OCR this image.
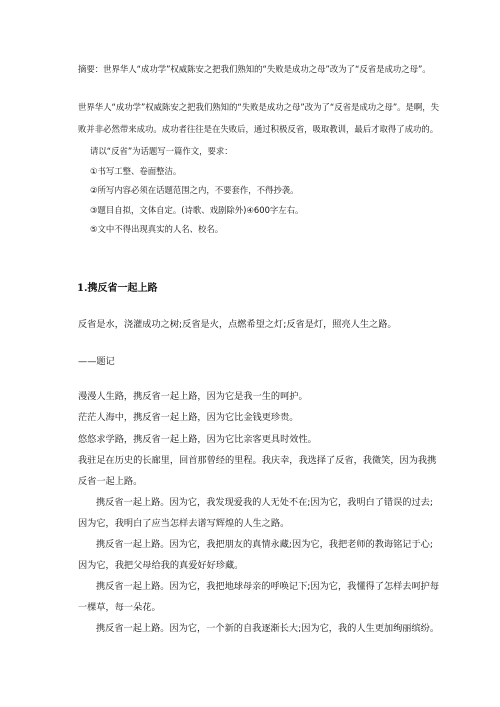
摘要：世界华人“成功学”权威陈安之把我们熟知的“失败是成功之母”改为了“反省是成功之母”。
世界华人“成功学”权威陈安之把我们熟知的“失败是成功之母”改为了“反省是成功之母”。是啊，失
败并非必然带来成功。成功者往往是在失败后，通过积极反省，吸取教训，最后才取得了成功的。
请以“反省”为话题写一篇作文，要求：
①书写工整、卷面整洁。
②所写内容必须在话题范围之内，不要套作，不得抄袭。
③题目自拟，文体自定。(诗歌、戏剧除外)④600字左右。
⑤文中不得出现真实的人名、校名。
1.携反省一起上路
反省是水，浇灌成功之树;反省是火，点燃希望之灯;反省是灯，照亮人生之路。
——题记
漫漫人生路，携反省一起上路，因为它是我一生的呵护。
茫茫人海中，携反省一起上路，因为它比金钱更珍贵。
悠悠求学路，携反省一起上路，因为它比亲客更具时效性。
我驻足在历史的长廊里，回首那曾经的里程。我庆幸，我选择了反省，我微笑，因为我携
反省一起上路。
携反省一起上路。因为它，我发现爱我的人无处不在;因为它，我明白了错误的过去;
因为它，我明白了应当怎样去谱写辉煌的人生之路。
携反省一起上路。因为它，我把朋友的真情永藏;因为它，我把老师的教诲铭记于心;
因为它，我把父母给我的真爱好好珍藏。
携反省一起上路。因为它，我把地球母亲的呼唤记下;因为它，我懂得了怎样去呵护每
一棵草，每一朵花。
携反省一起上路。因为它，一个新的自我逐渐长大;因为它，我的人生更加绚丽缤纷。
